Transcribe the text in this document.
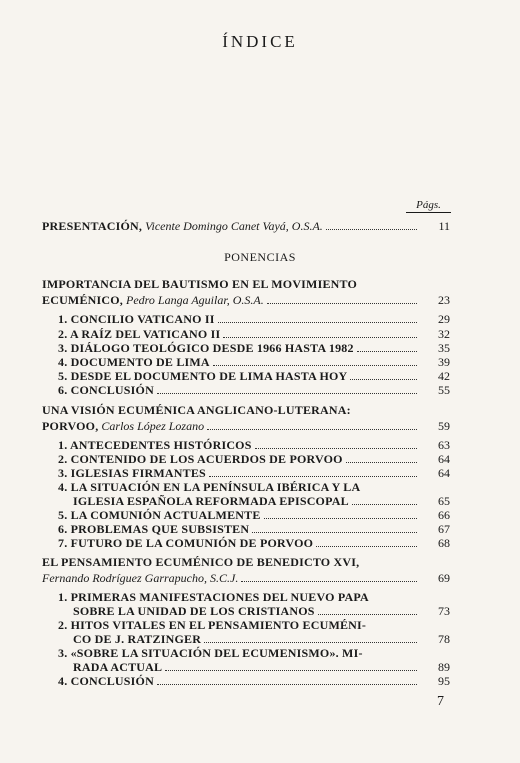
ÍNDICE
Págs.
PRESENTACIÓN,
Vicente Domingo Canet Vayá, O.S.A.	11
PONENCIAS
IMPORTANCIA DEL BAUTISMO EN EL MOVIMIENTO
ECUMÉNICO,
Pedro Langa Aguilar, O.S.A.	23
1. CONCILIO VATICANO II	29
2. A RAÍZ DEL VATICANO II	32
3. DIÁLOGO TEOLÓGICO DESDE 1966 HASTA 1982	35
4. DOCUMENTO DE LIMA	39
5. DESDE EL DOCUMENTO DE LIMA HASTA HOY	42
6. CONCLUSIÓN	55
UNA VISIÓN ECUMÉNICA ANGLICANO-LUTERANA:
PORVOO,
Carlos López Lozano	59
1. ANTECEDENTES HISTÓRICOS	63
2. CONTENIDO DE LOS ACUERDOS DE PORVOO	64
3. IGLESIAS FIRMANTES	64
4. LA SITUACIÓN EN LA PENÍNSULA IBÉRICA Y LA
IGLESIA ESPAÑOLA REFORMADA EPISCOPAL	65
5. LA COMUNIÓN ACTUALMENTE	66
6. PROBLEMAS QUE SUBSISTEN	67
7. FUTURO DE LA COMUNIÓN DE PORVOO	68
EL PENSAMIENTO ECUMÉNICO DE BENEDICTO XVI,
Fernando Rodríguez Garrapucho, S.C.J.	69
1. PRIMERAS MANIFESTACIONES DEL NUEVO PAPA
SOBRE LA UNIDAD DE LOS CRISTIANOS	73
2. HITOS VITALES EN EL PENSAMIENTO ECUMÉNI-
CO DE J. RATZINGER	78
3. «SOBRE LA SITUACIÓN DEL ECUMENISMO». MI-
RADA ACTUAL	89
4. CONCLUSIÓN	95
7
